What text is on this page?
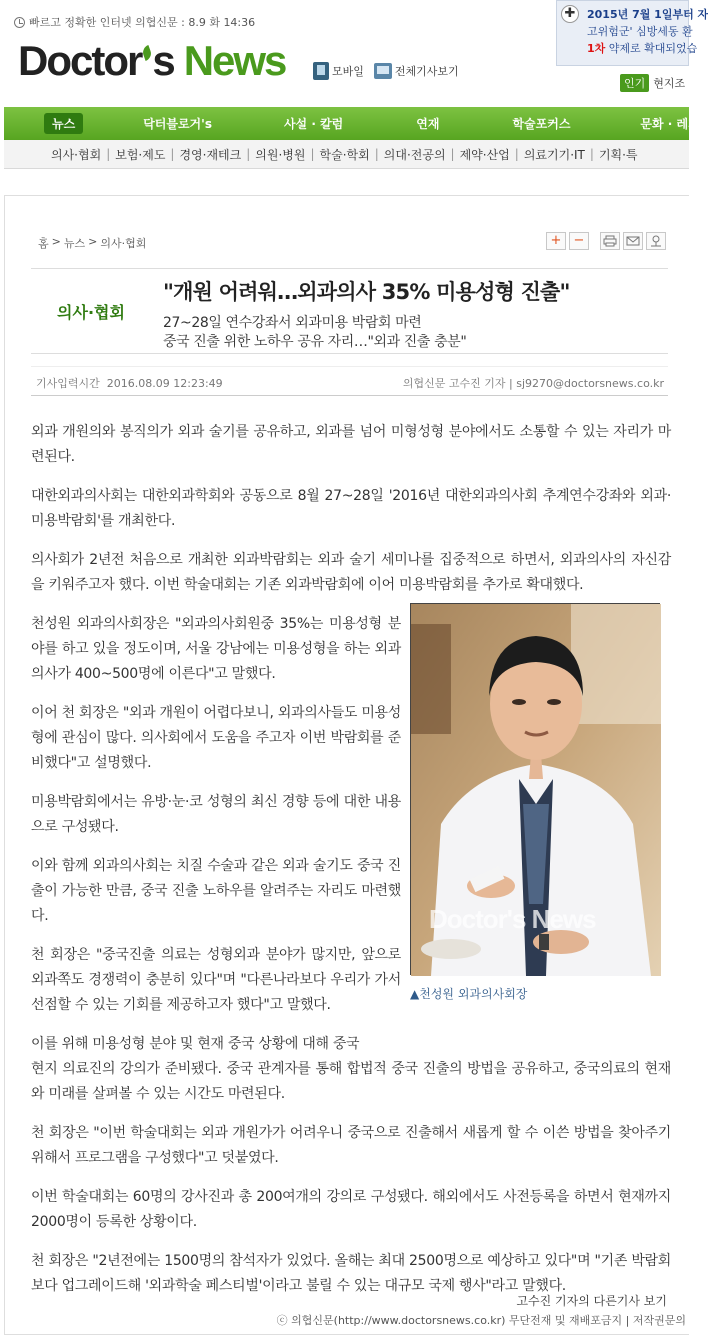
빠르고 정확한 인터넷 의협신문 : 8.9 화 14:36
Doctor s News	모바일	전체기사보기
✚	2015년 7월 1일부터 자
고위험군' 심방세동 환
1차 약제로 확대되었습
인기 현지조
뉴스	닥터블로거's	사설 · 칼럼	연재	학술포커스	문화 · 레저
의사·협회 | 보험·제도 | 경영·재테크 | 의원·병원 | 학술·학회 | 의대·전공의 | 제약·산업 | 의료기기·IT | 기획·특
홈 > 뉴스 > 의사·협회	+ −
의사·협회
"개원 어려워…외과의사 35% 미용성형 진출"
27~28일 연수강좌서 외과미용 박람회 마련
중국 진출 위한 노하우 공유 자리…"외과 진출 충분"
기사입력시간 2016.08.09 12:23:49	의협신문 고수진 기자 | sj9270@doctorsnews.co.kr

외과 개원의와 봉직의가 외과 술기를 공유하고, 외과를 넘어 미형성형 분야에서도 소통할 수 있는 자리가 마련된다.

대한외과의사회는 대한외과학회와 공동으로 8월 27~28일 '2016년 대한외과의사회 추계연수강좌와 외과·미용박람회'를 개최한다.

의사회가 2년전 처음으로 개최한 외과박람회는 외과 술기 세미나를 집중적으로 하면서, 외과의사의 자신감을 키워주고자 했다. 이번 학술대회는 기존 외과박람회에 이어 미용박람회를 추가로 확대했다.

천성원 외과의사회장은 "외과의사회원중 35%는 미용성형 분야를 하고 있을 정도이며, 서울 강남에는 미용성형을 하는 외과 의사가 400~500명에 이른다"고 말했다.

이어 천 회장은 "외과 개원이 어렵다보니, 외과의사들도 미용성형에 관심이 많다. 의사회에서 도움을 주고자 이번 박람회를 준비했다"고 설명했다.

미용박람회에서는 유방·눈·코 성형의 최신 경향 등에 대한 내용으로 구성됐다.

이와 함께 외과의사회는 치질 수술과 같은 외과 술기도 중국 진출이 가능한 만큼, 중국 진출 노하우를 알려주는 자리도 마련했다.

천 회장은 "중국진출 의료는 성형외과 분야가 많지만, 앞으로 외과쪽도 경쟁력이 충분히 있다"며 "다른나라보다 우리가 가서 선점할 수 있는 기회를 제공하고자 했다"고 말했다.

이를 위해 미용성형 분야 및 현재 중국 상황에 대해 중국
현지 의료진의 강의가 준비됐다. 중국 관계자를 통해 합법적 중국 진출의 방법을 공유하고, 중국의료의 현재와 미래를 살펴볼 수 있는 시간도 마련된다.

천 회장은 "이번 학술대회는 외과 개원가가 어려우니 중국으로 진출해서 새롭게 할 수 이쓴 방법을 찾아주기 위해서 프로그램을 구성했다"고 덧붙였다.

이번 학술대회는 60명의 강사진과 총 200여개의 강의로 구성됐다. 해외에서도 사전등록을 하면서 현재까지 2000명이 등록한 상황이다.

천 회장은 "2년전에는 1500명의 참석자가 있었다. 올해는 최대 2500명으로 예상하고 있다"며 "기존 박람회보다 업그레이드해 '외과학술 페스티벌'이라고 불릴 수 있는 대규모 국제 행사"라고 말했다.

Doctor's News
▲천성원 외과의사회장
고수진 기자의 다른기사 보기
ⓒ 의협신문(http://www.doctorsnews.co.kr) 무단전재 및 재배포금지 | 저작권문의
